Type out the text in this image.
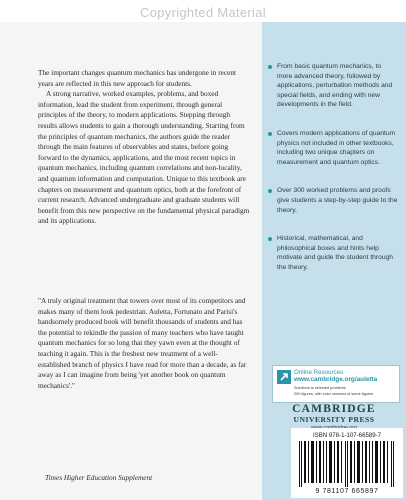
The important changes quantum mechanics has undergone in recent years are reflected in this new approach for students.

A strong narrative, worked examples, problems, and boxed information, lead the student from experiment, through general principles of the theory, to modern applications. Stepping through results allows students to gain a thorough understanding. Starting from the principles of quantum mechanics, the authors guide the reader through the main features of observables and states, before going forward to the dynamics, applications, and the most recent topics in quantum mechanics, including quantum correlations and non-locality, and quantum information and computation. Unique to this textbook are chapters on measurement and quantum optics, both at the forefront of current research. Advanced undergraduate and graduate students will benefit from this new perspective on the fundamental physical paradigm and its applications.

"A truly original treatment that towers over most of its competitors and makes many of them look pedestrian. Auletta, Fortunato and Parisi's handsomely produced book will benefit thousands of students and has the potential to rekindle the passion of many teachers who have taught quantum mechanics for so long that they yawn even at the thought of teaching it again. This is the freshest new treatment of a well-established branch of physics I have read for more than a decade, as far away as I can imagine from being 'yet another book on quantum mechanics'."

Times Higher Education Supplement
Copyrighted Material
From basic quantum mechanics, to more advanced theory, followed by applications, perturbation methods and special fields, and ending with new developments in the field.
Covers modern applications of quantum physics not included in other textbooks, including two unique chapters on measurement and quantum optics.
Over 300 worked problems and proofs give students a step-by-step guide to the theory.
Historical, mathematical, and philosophical boxes and hints help motivate and guide the student through the theory.
Online Resources
www.cambridge.org/auletta
Solutions to selected problems
200 figures, with color versions of some figures
CAMBRIDGE
UNIVERSITY PRESS
ISBN 978-1-107-66589-7
9 781107 665897
